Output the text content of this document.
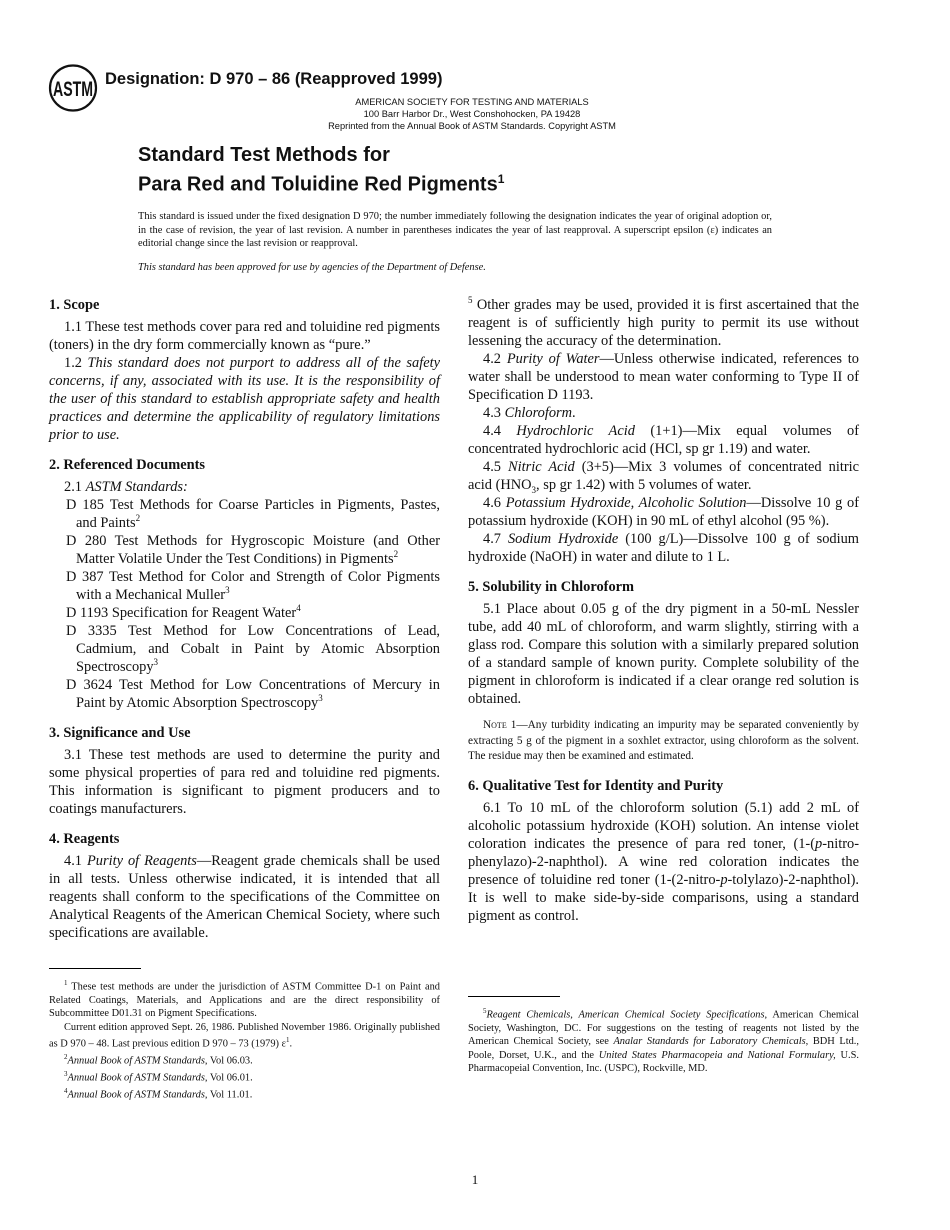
ASTM Designation: D 970 – 86 (Reapproved 1999)
AMERICAN SOCIETY FOR TESTING AND MATERIALS
100 Barr Harbor Dr., West Conshohocken, PA 19428
Reprinted from the Annual Book of ASTM Standards. Copyright ASTM
Standard Test Methods for
Para Red and Toluidine Red Pigments$^1$
This standard is issued under the fixed designation D 970; the number immediately following the designation indicates the year of original adoption or, in the case of revision, the year of last revision. A number in parentheses indicates the year of last reapproval. A superscript epsilon (ε) indicates an editorial change since the last revision or reapproval.
This standard has been approved for use by agencies of the Department of Defense.

1. Scope

1.1 These test methods cover para red and toluidine red pigments (toners) in the dry form commercially known as “pure.”

1.2 This standard does not purport to address all of the safety concerns, if any, associated with its use. It is the responsibility of the user of this standard to establish appropriate safety and health practices and determine the applicability of regulatory limitations prior to use.

2. Referenced Documents

2.1 ASTM Standards:

D 185 Test Methods for Coarse Particles in Pigments, Pastes, and Paints$^2$

D 280 Test Methods for Hygroscopic Moisture (and Other Matter Volatile Under the Test Conditions) in Pigments$^2$

D 387 Test Method for Color and Strength of Color Pigments with a Mechanical Muller$^3$

D 1193 Specification for Reagent Water$^4$

D 3335 Test Method for Low Concentrations of Lead, Cadmium, and Cobalt in Paint by Atomic Absorption Spectroscopy$^3$

D 3624 Test Method for Low Concentrations of Mercury in Paint by Atomic Absorption Spectroscopy$^3$

3. Significance and Use

3.1 These test methods are used to determine the purity and some physical properties of para red and toluidine red pigments. This information is significant to pigment producers and to coatings manufacturers.

4. Reagents

4.1 Purity of Reagents—Reagent grade chemicals shall be used in all tests. Unless otherwise indicated, it is intended that all reagents shall conform to the specifications of the Committee on Analytical Reagents of the American Chemical Society, where such specifications are available.

$^5$ Other grades may be used, provided it is first ascertained that the reagent is of sufficiently high purity to permit its use without lessening the accuracy of the determination.

4.2 Purity of Water—Unless otherwise indicated, references to water shall be understood to mean water conforming to Type II of Specification D 1193.

4.3 Chloroform.

4.4 Hydrochloric Acid (1+1)—Mix equal volumes of concentrated hydrochloric acid (HCl, sp gr 1.19) and water.

4.5 Nitric Acid (3+5)—Mix 3 volumes of concentrated nitric acid ($HNO_3$, sp gr 1.42) with 5 volumes of water.

4.6 Potassium Hydroxide, Alcoholic Solution—Dissolve 10 g of potassium hydroxide (KOH) in 90 mL of ethyl alcohol (95 %).

4.7 Sodium Hydroxide (100 g/L)—Dissolve 100 g of sodium hydroxide (NaOH) in water and dilute to 1 L.

5. Solubility in Chloroform

5.1 Place about 0.05 g of the dry pigment in a 50-mL Nessler tube, add 40 mL of chloroform, and warm slightly, stirring with a glass rod. Compare this solution with a similarly prepared solution of a standard sample of known purity. Complete solubility of the pigment in chloroform is indicated if a clear orange red solution is obtained.

Note 1—Any turbidity indicating an impurity may be separated conveniently by extracting 5 g of the pigment in a soxhlet extractor, using chloroform as the solvent. The residue may then be examined and estimated.

6. Qualitative Test for Identity and Purity

6.1 To 10 mL of the chloroform solution (5.1) add 2 mL of alcoholic potassium hydroxide (KOH) solution. An intense violet coloration indicates the presence of para red toner, (1-(p-nitro-phenylazo)-2-naphthol). A wine red coloration indicates the presence of toluidine red toner (1-(2-nitro-p-tolylazo)-2-naphthol). It is well to make side-by-side comparisons, using a standard pigment as control.

$^1$ These test methods are under the jurisdiction of ASTM Committee D-1 on Paint and Related Coatings, Materials, and Applications and are the direct responsibility of Subcommittee D01.31 on Pigment Specifications.

Current edition approved Sept. 26, 1986. Published November 1986. Originally published as D 970 – 48. Last previous edition D 970 – 73 (1979) $\varepsilon^1$.

$^2$Annual Book of ASTM Standards, Vol 06.03.

$^3$Annual Book of ASTM Standards, Vol 06.01.

$^4$Annual Book of ASTM Standards, Vol 11.01.

$^5$Reagent Chemicals, American Chemical Society Specifications, American Chemical Society, Washington, DC. For suggestions on the testing of reagents not listed by the American Chemical Society, see Analar Standards for Laboratory Chemicals, BDH Ltd., Poole, Dorset, U.K., and the United States Pharmacopeia and National Formulary, U.S. Pharmacopeial Convention, Inc. (USPC), Rockville, MD.

1
